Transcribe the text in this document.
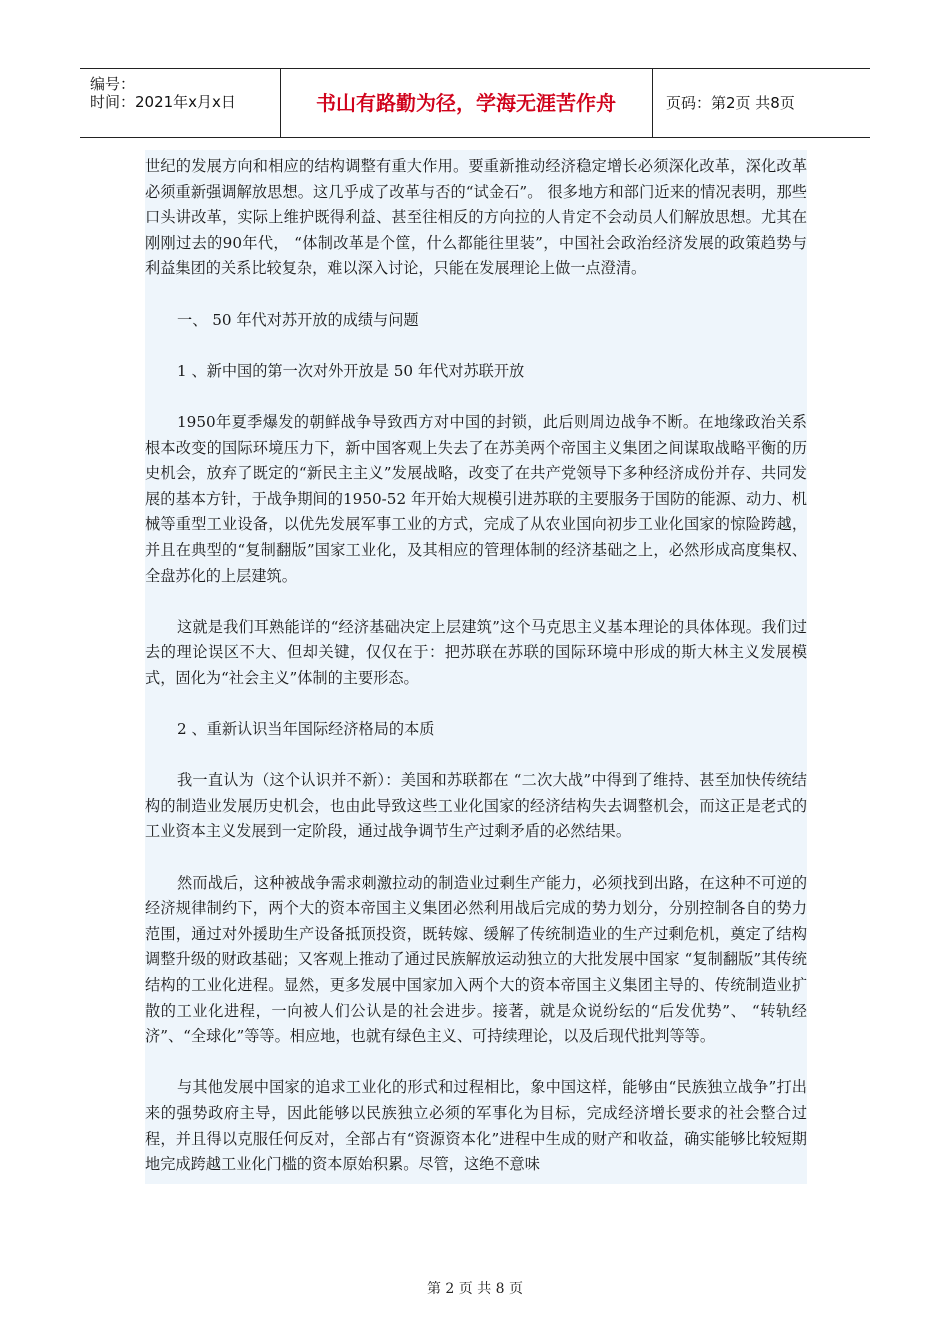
编号：
时间：2021年x月x日	书山有路勤为径，学海无涯苦作舟	页码：第2页 共8页

世纪的发展方向和相应的结构调整有重大作用。要重新推动经济稳定增长必须深化改革，深化改革必须重新强调解放思想。这几乎成了改革与否的“试金石”。 很多地方和部门近来的情况表明，那些口头讲改革，实际上维护既得利益、甚至往相反的方向拉的人肯定不会动员人们解放思想。尤其在刚刚过去的90年代， “体制改革是个筐，什么都能往里装”，中国社会政治经济发展的政策趋势与利益集团的关系比较复杂，难以深入讨论，只能在发展理论上做一点澄清。

一、 50 年代对苏开放的成绩与问题

1 、新中国的第一次对外开放是 50 年代对苏联开放

1950年夏季爆发的朝鲜战争导致西方对中国的封锁，此后则周边战争不断。在地缘政治关系根本改变的国际环境压力下，新中国客观上失去了在苏美两个帝国主义集团之间谋取战略平衡的历史机会，放弃了既定的“新民主主义”发展战略，改变了在共产党领导下多种经济成份并存、共同发展的基本方针，于战争期间的1950-52 年开始大规模引进苏联的主要服务于国防的能源、动力、机械等重型工业设备，以优先发展军事工业的方式，完成了从农业国向初步工业化国家的惊险跨越，并且在典型的“复制翻版”国家工业化，及其相应的管理体制的经济基础之上，必然形成高度集权、全盘苏化的上层建筑。

这就是我们耳熟能详的“经济基础决定上层建筑”这个马克思主义基本理论的具体体现。我们过去的理论误区不大、但却关键，仅仅在于：把苏联在苏联的国际环境中形成的斯大林主义发展模式，固化为“社会主义”体制的主要形态。

2 、重新认识当年国际经济格局的本质

我一直认为（这个认识并不新）：美国和苏联都在 “二次大战”中得到了维持、甚至加快传统结构的制造业发展历史机会，也由此导致这些工业化国家的经济结构失去调整机会，而这正是老式的工业资本主义发展到一定阶段，通过战争调节生产过剩矛盾的必然结果。

然而战后，这种被战争需求刺激拉动的制造业过剩生产能力，必须找到出路，在这种不可逆的经济规律制约下，两个大的资本帝国主义集团必然利用战后完成的势力划分，分别控制各自的势力范围，通过对外援助生产设备抵顶投资，既转嫁、缓解了传统制造业的生产过剩危机，奠定了结构调整升级的财政基础；又客观上推动了通过民族解放运动独立的大批发展中国家 “复制翻版”其传统结构的工业化进程。显然，更多发展中国家加入两个大的资本帝国主义集团主导的、传统制造业扩散的工业化进程，一向被人们公认是的社会进步。接著，就是众说纷纭的“后发优势”、 “转轨经济”、“全球化”等等。相应地，也就有绿色主义、可持续理论，以及后现代批判等等。

与其他发展中国家的追求工业化的形式和过程相比，象中国这样，能够由“民族独立战争”打出来的强势政府主导，因此能够以民族独立必须的军事化为目标，完成经济增长要求的社会整合过程，并且得以克服任何反对，全部占有“资源资本化”进程中生成的财产和收益，确实能够比较短期地完成跨越工业化门槛的资本原始积累。尽管，这绝不意味

第 2 页 共 8 页
